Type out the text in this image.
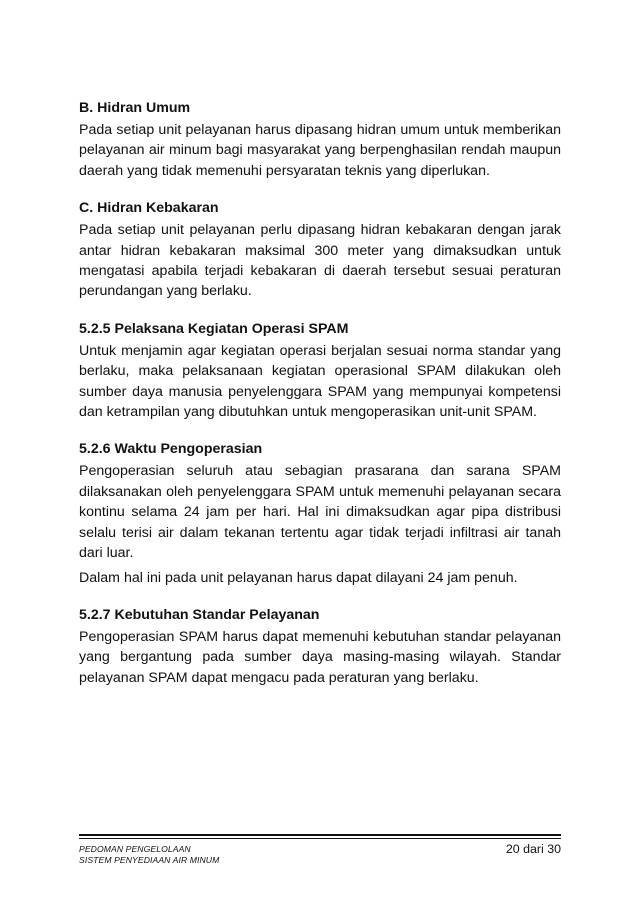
B. Hidran Umum

Pada setiap unit pelayanan harus dipasang hidran umum untuk memberikan pelayanan air minum bagi masyarakat yang berpenghasilan rendah maupun daerah yang tidak memenuhi persyaratan teknis yang diperlukan.

C. Hidran Kebakaran

Pada setiap unit pelayanan perlu dipasang hidran kebakaran dengan jarak antar hidran kebakaran maksimal 300 meter yang dimaksudkan untuk mengatasi apabila terjadi kebakaran di daerah tersebut sesuai peraturan perundangan yang berlaku.

5.2.5 Pelaksana Kegiatan Operasi SPAM

Untuk menjamin agar kegiatan operasi berjalan sesuai norma standar yang berlaku, maka pelaksanaan kegiatan operasional SPAM dilakukan oleh sumber daya manusia penyelenggara SPAM yang mempunyai kompetensi dan ketrampilan yang dibutuhkan untuk mengoperasikan unit-unit SPAM.

5.2.6 Waktu Pengoperasian

Pengoperasian seluruh atau sebagian prasarana dan sarana SPAM dilaksanakan oleh penyelenggara SPAM untuk memenuhi pelayanan secara kontinu selama 24 jam per hari. Hal ini dimaksudkan agar pipa distribusi selalu terisi air dalam tekanan tertentu agar tidak terjadi infiltrasi air tanah dari luar.

Dalam hal ini pada unit pelayanan harus dapat dilayani 24 jam penuh.

5.2.7 Kebutuhan Standar Pelayanan

Pengoperasian SPAM harus dapat memenuhi kebutuhan standar pelayanan yang bergantung pada sumber daya masing-masing wilayah. Standar pelayanan SPAM dapat mengacu pada peraturan yang berlaku.

PEDOMAN PENGELOLAAN
SISTEM PENYEDIAAN AIR MINUM
20 dari 30
